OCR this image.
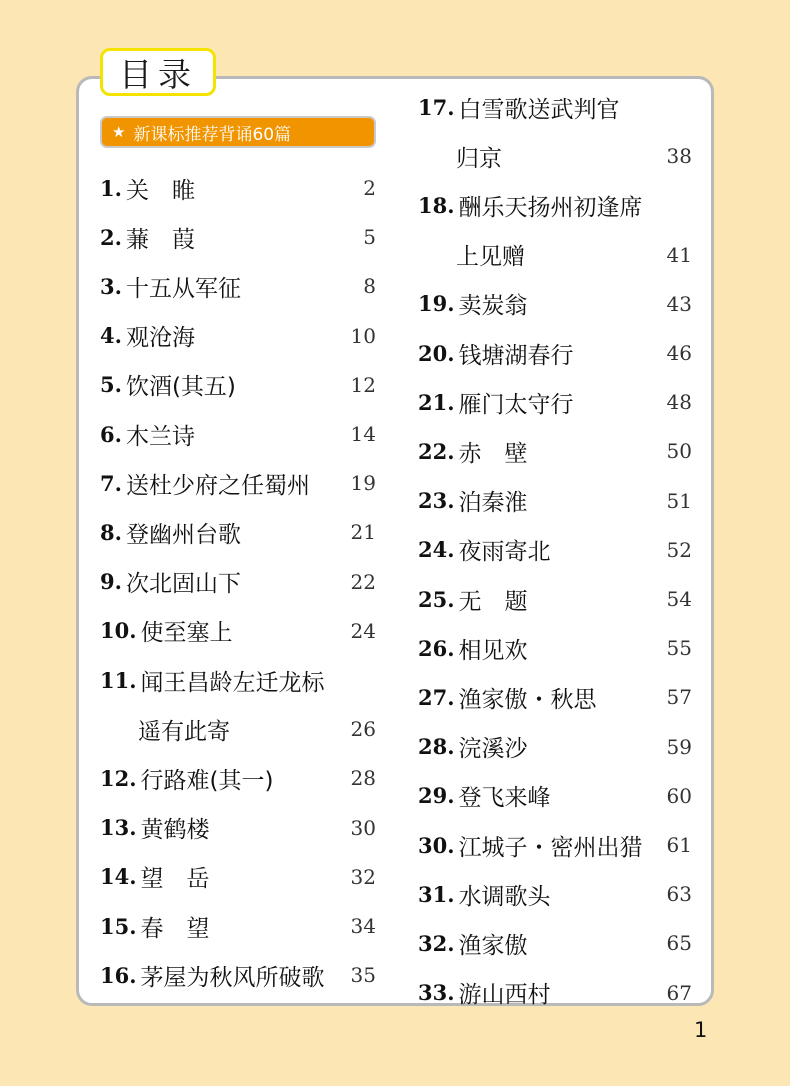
目录
★ 新课标推荐背诵60篇
1. 关　睢	2
2. 蒹　葭	5
3. 十五从军征	8
4. 观沧海	10
5. 饮酒(其五)	12
6. 木兰诗	14
7. 送杜少府之任蜀州 19
8. 登幽州台歌	21
9. 次北固山下	22
10. 使至塞上	24
11. 闻王昌龄左迁龙标
遥有此寄	26
12. 行路难(其一)	28
13. 黄鹤楼	30
14. 望　岳	32
15. 春　望	34
16. 茅屋为秋风所破歌 35
17. 白雪歌送武判官
归京	38
18. 酬乐天扬州初逢席
上见赠	41
19. 卖炭翁	43
20. 钱塘湖春行	46
21. 雁门太守行	48
22. 赤　壁	50
23. 泊秦淮	51
24. 夜雨寄北	52
25. 无　题	54
26. 相见欢	55
27. 渔家傲・秋思	57
28. 浣溪沙	59
29. 登飞来峰	60
30. 江城子・密州出猎 61
31. 水调歌头	63
32. 渔家傲	65
33. 游山西村	67
1
